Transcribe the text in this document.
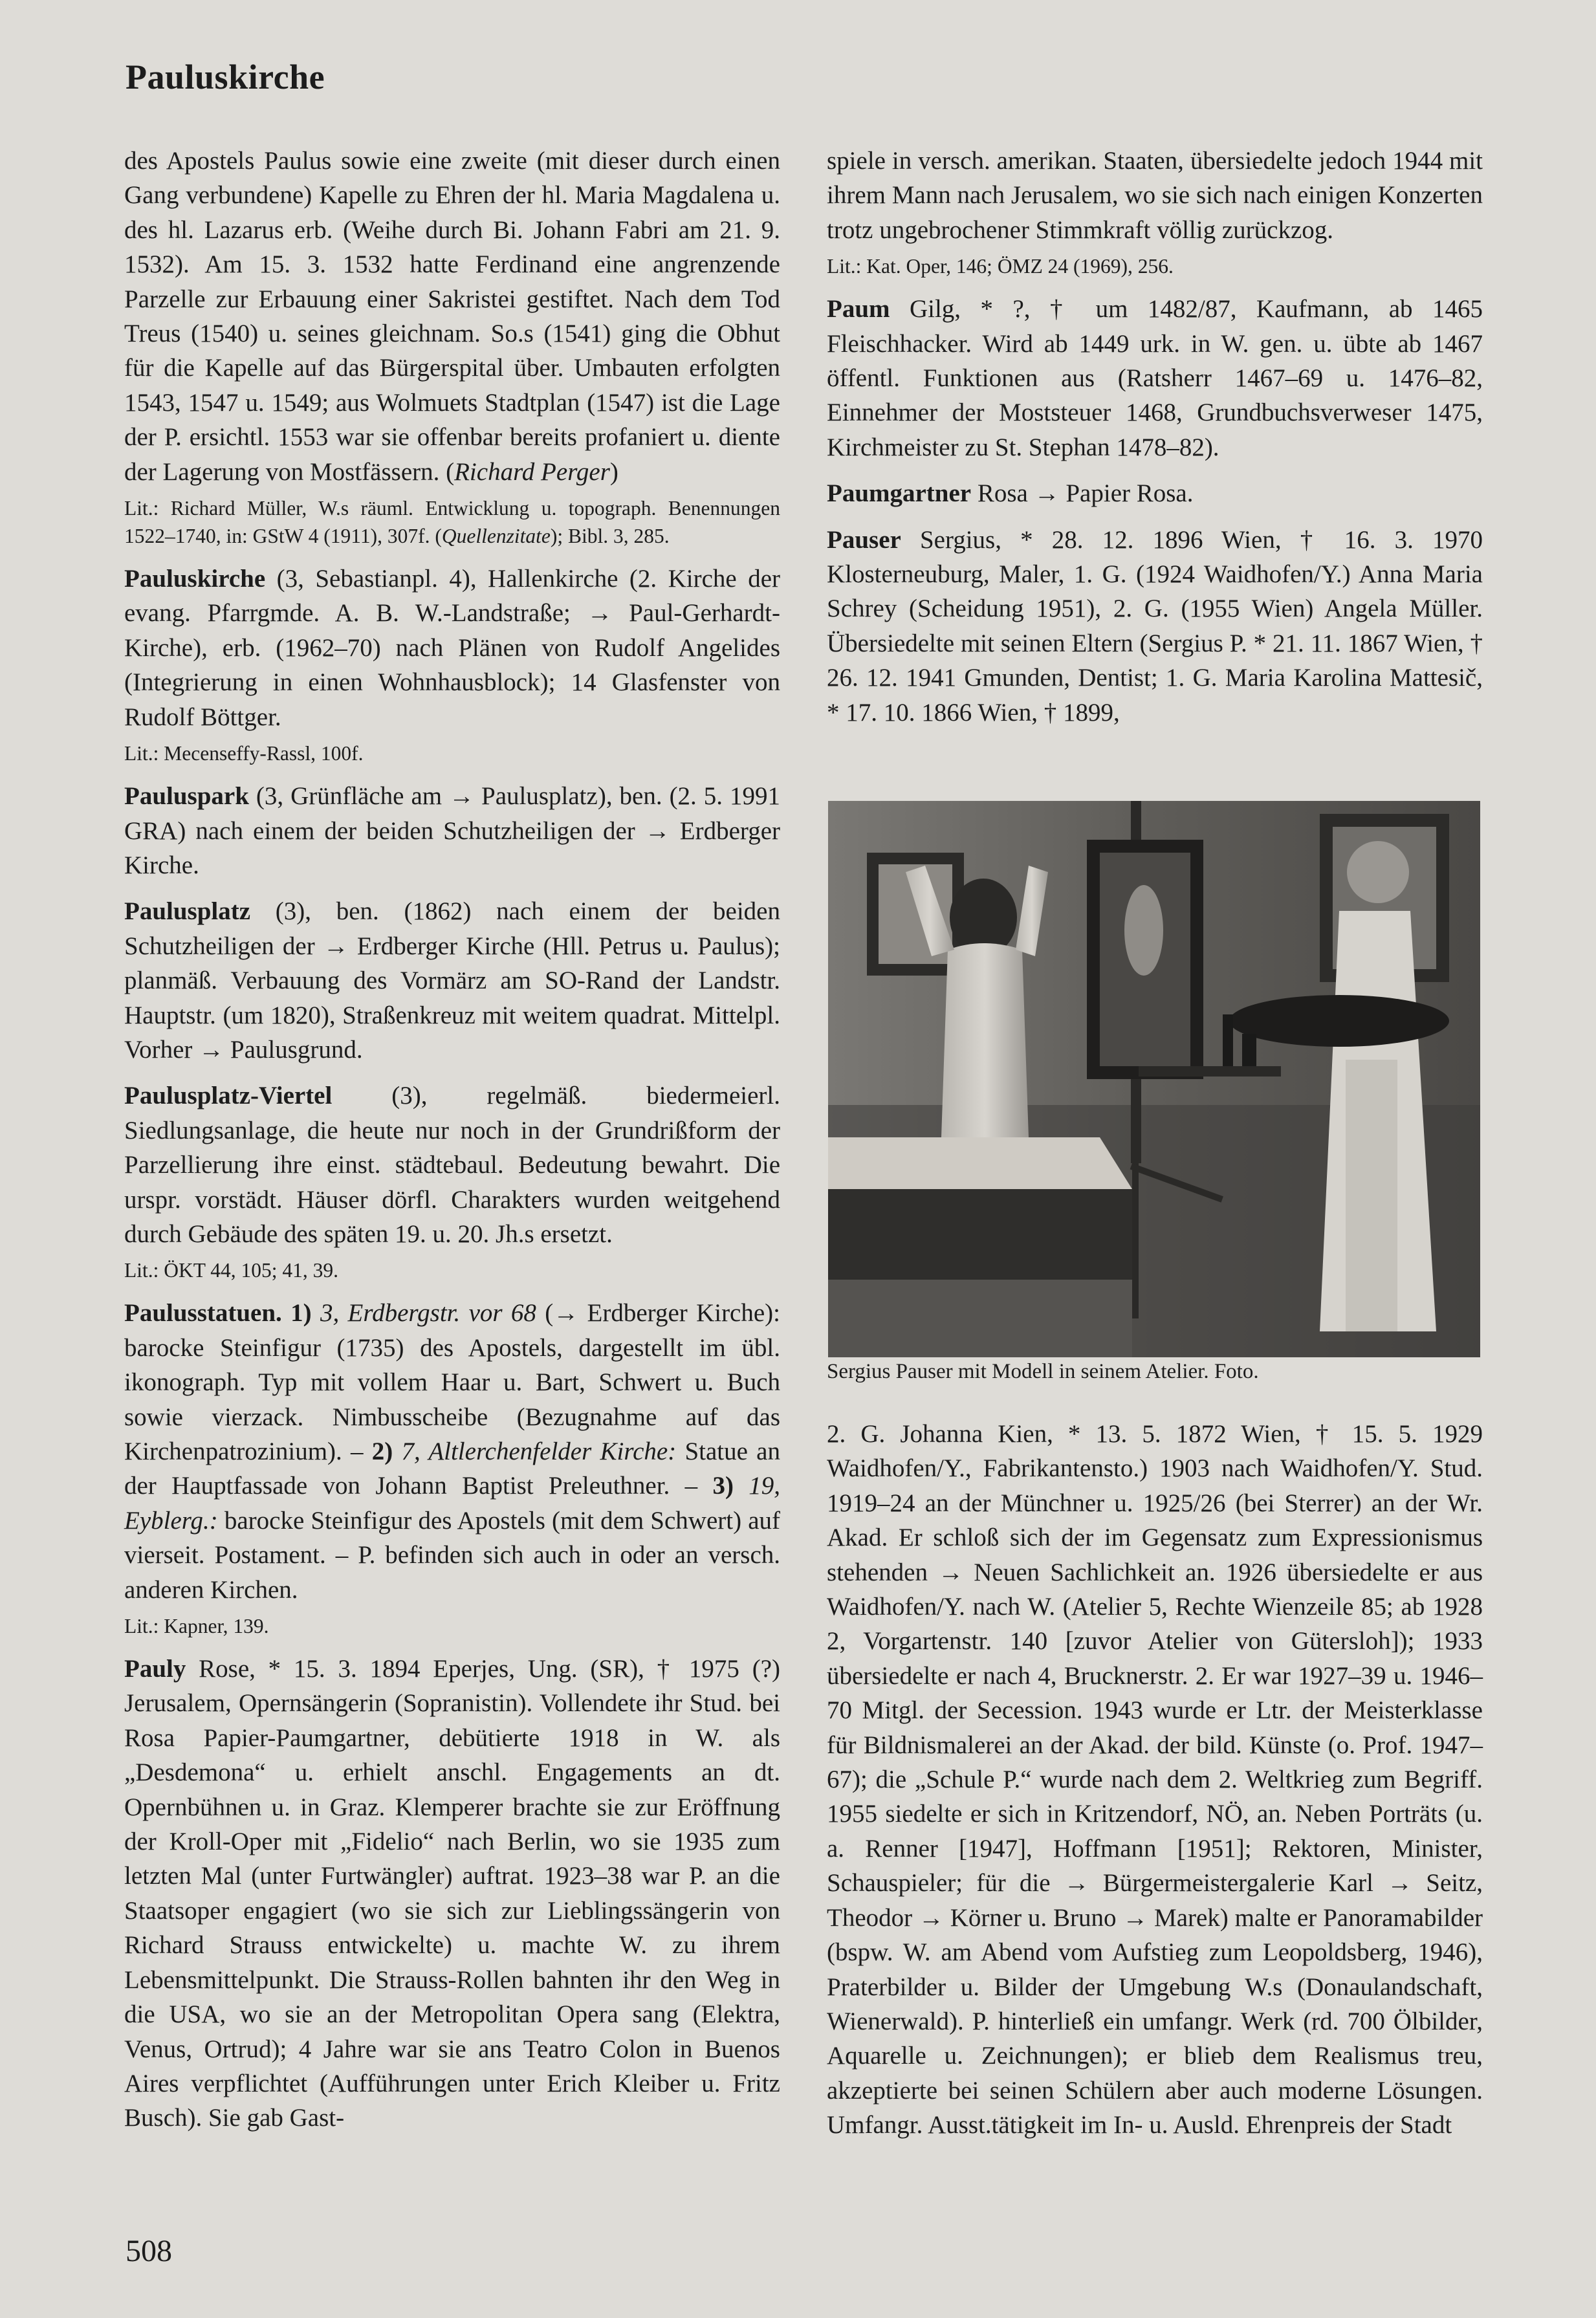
Pauluskirche

des Apostels Paulus sowie eine zweite (mit dieser durch einen Gang verbundene) Kapelle zu Ehren der hl. Maria Magdalena u. des hl. Lazarus erb. (Weihe durch Bi. Johann Fabri am 21. 9. 1532). Am 15. 3. 1532 hatte Ferdinand eine angrenzende Parzelle zur Erbauung einer Sakristei gestiftet. Nach dem Tod Treus (1540) u. seines gleichnam. So.s (1541) ging die Obhut für die Kapelle auf das Bürgerspital über. Umbauten erfolgten 1543, 1547 u. 1549; aus Wolmuets Stadtplan (1547) ist die Lage der P. ersichtl. 1553 war sie offenbar bereits profaniert u. diente der Lagerung von Mostfässern. (Richard Perger)

Lit.: Richard Müller, W.s räuml. Entwicklung u. topograph. Benennungen 1522–1740, in: GStW 4 (1911), 307f. (Quellenzitate); Bibl. 3, 285.

Pauluskirche (3, Sebastianpl. 4), Hallenkirche (2. Kirche der evang. Pfarrgmde. A. B. W.-Landstraße; → Paul-Gerhardt-Kirche), erb. (1962–70) nach Plänen von Rudolf Angelides (Integrierung in einen Wohnhausblock); 14 Glasfenster von Rudolf Böttger.

Lit.: Mecenseffy-Rassl, 100f.

Pauluspark (3, Grünfläche am → Paulusplatz), ben. (2. 5. 1991 GRA) nach einem der beiden Schutzheiligen der → Erdberger Kirche.

Paulusplatz (3), ben. (1862) nach einem der beiden Schutzheiligen der → Erdberger Kirche (Hll. Petrus u. Paulus); planmäß. Verbauung des Vormärz am SO-Rand der Landstr. Hauptstr. (um 1820), Straßenkreuz mit weitem quadrat. Mittelpl. Vorher → Paulusgrund.

Paulusplatz-Viertel (3), regelmäß. biedermeierl. Siedlungsanlage, die heute nur noch in der Grundrißform der Parzellierung ihre einst. städtebaul. Bedeutung bewahrt. Die urspr. vorstädt. Häuser dörfl. Charakters wurden weitgehend durch Gebäude des späten 19. u. 20. Jh.s ersetzt.

Lit.: ÖKT 44, 105; 41, 39.

Paulusstatuen. 1) 3, Erdbergstr. vor 68 (→ Erdberger Kirche): barocke Steinfigur (1735) des Apostels, dargestellt im übl. ikonograph. Typ mit vollem Haar u. Bart, Schwert u. Buch sowie vierzack. Nimbusscheibe (Bezugnahme auf das Kirchenpatrozinium). – 2) 7, Altlerchenfelder Kirche: Statue an der Hauptfassade von Johann Baptist Preleuthner. – 3) 19, Eyblerg.: barocke Steinfigur des Apostels (mit dem Schwert) auf vierseit. Postament. – P. befinden sich auch in oder an versch. anderen Kirchen.

Lit.: Kapner, 139.

Pauly Rose, * 15. 3. 1894 Eperjes, Ung. (SR), † 1975 (?) Jerusalem, Opernsängerin (Sopranistin). Vollendete ihr Stud. bei Rosa Papier-Paumgartner, debütierte 1918 in W. als „Desdemona“ u. erhielt anschl. Engagements an dt. Opernbühnen u. in Graz. Klemperer brachte sie zur Eröffnung der Kroll-Oper mit „Fidelio“ nach Berlin, wo sie 1935 zum letzten Mal (unter Furtwängler) auftrat. 1923–38 war P. an die Staatsoper engagiert (wo sie sich zur Lieblingssängerin von Richard Strauss entwickelte) u. machte W. zu ihrem Lebensmittelpunkt. Die Strauss-Rollen bahnten ihr den Weg in die USA, wo sie an der Metropolitan Opera sang (Elektra, Venus, Ortrud); 4 Jahre war sie ans Teatro Colon in Buenos Aires verpflichtet (Aufführungen unter Erich Kleiber u. Fritz Busch). Sie gab Gast-

spiele in versch. amerikan. Staaten, übersiedelte jedoch 1944 mit ihrem Mann nach Jerusalem, wo sie sich nach einigen Konzerten trotz ungebrochener Stimmkraft völlig zurückzog.

Lit.: Kat. Oper, 146; ÖMZ 24 (1969), 256.

Paum Gilg, * ?, † um 1482/87, Kaufmann, ab 1465 Fleischhacker. Wird ab 1449 urk. in W. gen. u. übte ab 1467 öffentl. Funktionen aus (Ratsherr 1467–69 u. 1476–82, Einnehmer der Moststeuer 1468, Grundbuchsverweser 1475, Kirchmeister zu St. Stephan 1478–82).

Paumgartner Rosa → Papier Rosa.

Pauser Sergius, * 28. 12. 1896 Wien, † 16. 3. 1970 Klosterneuburg, Maler, 1. G. (1924 Waidhofen/Y.) Anna Maria Schrey (Scheidung 1951), 2. G. (1955 Wien) Angela Müller. Übersiedelte mit seinen Eltern (Sergius P. * 21. 11. 1867 Wien, † 26. 12. 1941 Gmunden, Dentist; 1. G. Maria Karolina Mattesič, * 17. 10. 1866 Wien, † 1899,

Sergius Pauser mit Modell in seinem Atelier. Foto.

2. G. Johanna Kien, * 13. 5. 1872 Wien, † 15. 5. 1929 Waidhofen/Y., Fabrikantensto.) 1903 nach Waidhofen/Y. Stud. 1919–24 an der Münchner u. 1925/26 (bei Sterrer) an der Wr. Akad. Er schloß sich der im Gegensatz zum Expressionismus stehenden → Neuen Sachlichkeit an. 1926 übersiedelte er aus Waidhofen/Y. nach W. (Atelier 5, Rechte Wienzeile 85; ab 1928 2, Vorgartenstr. 140 [zuvor Atelier von Gütersloh]); 1933 übersiedelte er nach 4, Brucknerstr. 2. Er war 1927–39 u. 1946–70 Mitgl. der Secession. 1943 wurde er Ltr. der Meisterklasse für Bildnismalerei an der Akad. der bild. Künste (o. Prof. 1947–67); die „Schule P.“ wurde nach dem 2. Weltkrieg zum Begriff. 1955 siedelte er sich in Kritzendorf, NÖ, an. Neben Porträts (u. a. Renner [1947], Hoffmann [1951]; Rektoren, Minister, Schauspieler; für die → Bürgermeistergalerie Karl → Seitz, Theodor → Körner u. Bruno → Marek) malte er Panoramabilder (bspw. W. am Abend vom Aufstieg zum Leopoldsberg, 1946), Praterbilder u. Bilder der Umgebung W.s (Donaulandschaft, Wienerwald). P. hinterließ ein umfangr. Werk (rd. 700 Ölbilder, Aquarelle u. Zeichnungen); er blieb dem Realismus treu, akzeptierte bei seinen Schülern aber auch moderne Lösungen. Umfangr. Ausst.tätigkeit im In- u. Ausld. Ehrenpreis der Stadt

508
